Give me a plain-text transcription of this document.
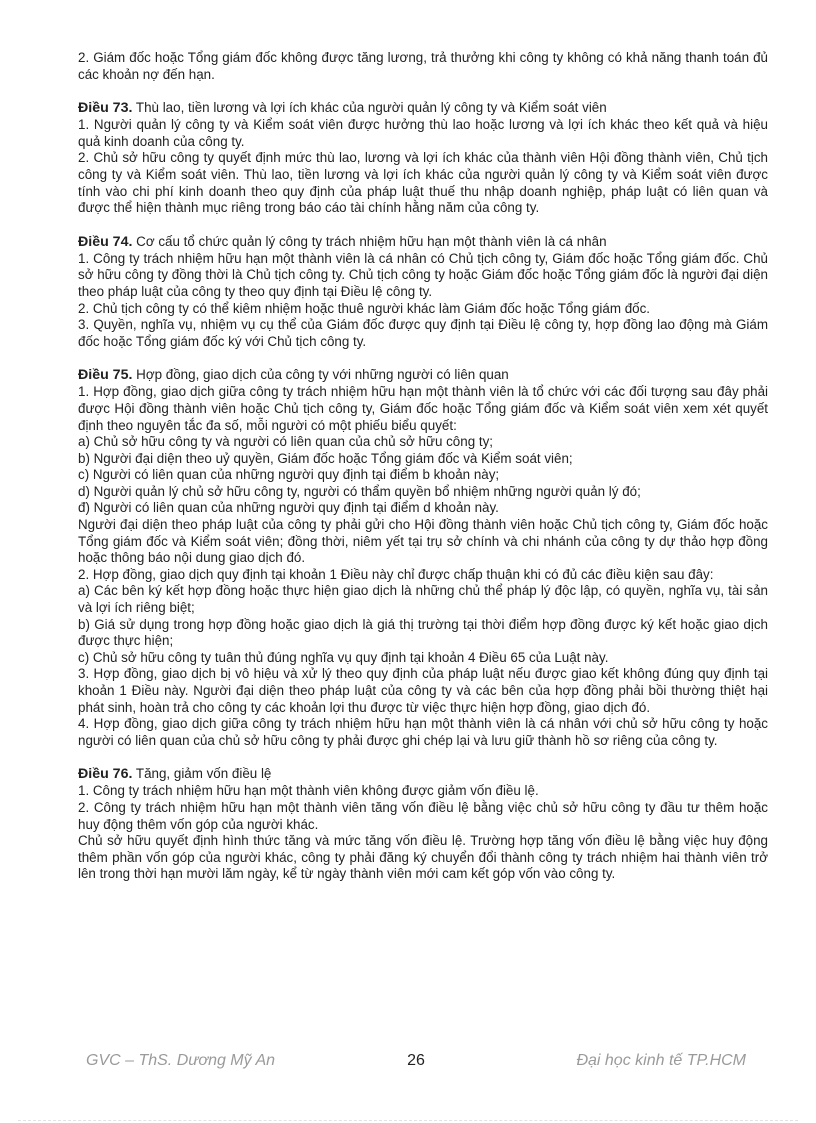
2. Giám đốc hoặc Tổng giám đốc không được tăng lương, trả thưởng khi công ty không có khả năng thanh toán đủ các khoản nợ đến hạn.

Điều 73. Thù lao, tiền lương và lợi ích khác của người quản lý công ty và Kiểm soát viên

1. Người quản lý công ty và Kiểm soát viên được hưởng thù lao hoặc lương và lợi ích khác theo kết quả và hiệu quả kinh doanh của công ty.

2. Chủ sở hữu công ty quyết định mức thù lao, lương và lợi ích khác của thành viên Hội đồng thành viên, Chủ tịch công ty và Kiểm soát viên. Thù lao, tiền lương và lợi ích khác của người quản lý công ty và Kiểm soát viên được tính vào chi phí kinh doanh theo quy định của pháp luật thuế thu nhập doanh nghiệp, pháp luật có liên quan và được thể hiện thành mục riêng trong báo cáo tài chính hằng năm của công ty.

Điều 74. Cơ cấu tổ chức quản lý công ty trách nhiệm hữu hạn một thành viên là cá nhân

1. Công ty trách nhiệm hữu hạn một thành viên là cá nhân có Chủ tịch công ty, Giám đốc hoặc Tổng giám đốc. Chủ sở hữu công ty đồng thời là Chủ tịch công ty. Chủ tịch công ty hoặc Giám đốc hoặc Tổng giám đốc là người đại diện theo pháp luật của công ty theo quy định tại Điều lệ công ty.

2. Chủ tịch công ty có thể kiêm nhiệm hoặc thuê người khác làm Giám đốc hoặc Tổng giám đốc.

3. Quyền, nghĩa vụ, nhiệm vụ cụ thể của Giám đốc được quy định tại Điều lệ công ty, hợp đồng lao động mà Giám đốc hoặc Tổng giám đốc ký với Chủ tịch công ty.

Điều 75. Hợp đồng, giao dịch của công ty với những người có liên quan

1. Hợp đồng, giao dịch giữa công ty trách nhiệm hữu hạn một thành viên là tổ chức với các đối tượng sau đây phải được Hội đồng thành viên hoặc Chủ tịch công ty, Giám đốc hoặc Tổng giám đốc và Kiểm soát viên xem xét quyết định theo nguyên tắc đa số, mỗi người có một phiếu biểu quyết:

a) Chủ sở hữu công ty và người có liên quan của chủ sở hữu công ty;

b) Người đại diện theo uỷ quyền, Giám đốc hoặc Tổng giám đốc và Kiểm soát viên;

c) Người có liên quan của những người quy định tại điểm b khoản này;

d) Người quản lý chủ sở hữu công ty, người có thẩm quyền bổ nhiệm những người quản lý đó;

đ) Người có liên quan của những người quy định tại điểm d khoản này.

Người đại diện theo pháp luật của công ty phải gửi cho Hội đồng thành viên hoặc Chủ tịch công ty, Giám đốc hoặc Tổng giám đốc và Kiểm soát viên; đồng thời, niêm yết tại trụ sở chính và chi nhánh của công ty dự thảo hợp đồng hoặc thông báo nội dung giao dịch đó.

2. Hợp đồng, giao dịch quy định tại khoản 1 Điều này chỉ được chấp thuận khi có đủ các điều kiện sau đây:

a) Các bên ký kết hợp đồng hoặc thực hiện giao dịch là những chủ thể pháp lý độc lập, có quyền, nghĩa vụ, tài sản và lợi ích riêng biệt;

b) Giá sử dụng trong hợp đồng hoặc giao dịch là giá thị trường tại thời điểm hợp đồng được ký kết hoặc giao dịch được thực hiện;

c) Chủ sở hữu công ty tuân thủ đúng nghĩa vụ quy định tại khoản 4 Điều 65 của Luật này.

3. Hợp đồng, giao dịch bị vô hiệu và xử lý theo quy định của pháp luật nếu được giao kết không đúng quy định tại khoản 1 Điều này. Người đại diện theo pháp luật của công ty và các bên của hợp đồng phải bồi thường thiệt hại phát sinh, hoàn trả cho công ty các khoản lợi thu được từ việc thực hiện hợp đồng, giao dịch đó.

4. Hợp đồng, giao dịch giữa công ty trách nhiệm hữu hạn một thành viên là cá nhân với chủ sở hữu công ty hoặc người có liên quan của chủ sở hữu công ty phải được ghi chép lại và lưu giữ thành hồ sơ riêng của công ty.

Điều 76. Tăng, giảm vốn điều lệ

1. Công ty trách nhiệm hữu hạn một thành viên không được giảm vốn điều lệ.

2. Công ty trách nhiệm hữu hạn một thành viên tăng vốn điều lệ bằng việc chủ sở hữu công ty đầu tư thêm hoặc huy động thêm vốn góp của người khác.

Chủ sở hữu quyết định hình thức tăng và mức tăng vốn điều lệ. Trường hợp tăng vốn điều lệ bằng việc huy động thêm phần vốn góp của người khác, công ty phải đăng ký chuyển đổi thành công ty trách nhiệm hai thành viên trở lên trong thời hạn mười lăm ngày, kể từ ngày thành viên mới cam kết góp vốn vào công ty.

GVC – ThS. Dương Mỹ An	26	Đại học kinh tế TP.HCM
